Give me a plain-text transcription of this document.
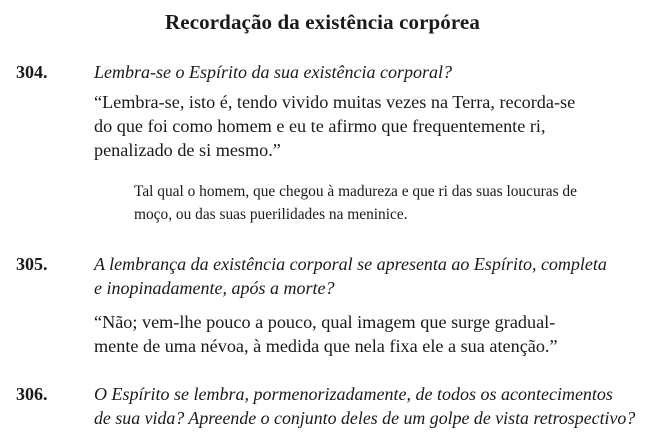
Recordação da existência corpórea
304.	Lembra-se o Espírito da sua existência corporal?
“Lembra-se, isto é, tendo vivido muitas vezes na Terra, recorda-se
do que foi como homem e eu te afirmo que frequentemente ri,
penalizado de si mesmo.”
Tal qual o homem, que chegou à madureza e que ri das suas loucuras de
moço, ou das suas puerilidades na meninice.
305.	A lembrança da existência corporal se apresenta ao Espírito, completa
e inopinadamente, após a morte?
“Não; vem-lhe pouco a pouco, qual imagem que surge gradual-
mente de uma névoa, à medida que nela fixa ele a sua atenção.”
306.	O Espírito se lembra, pormenorizadamente, de todos os acontecimentos
de sua vida? Apreende o conjunto deles de um golpe de vista retrospectivo?
